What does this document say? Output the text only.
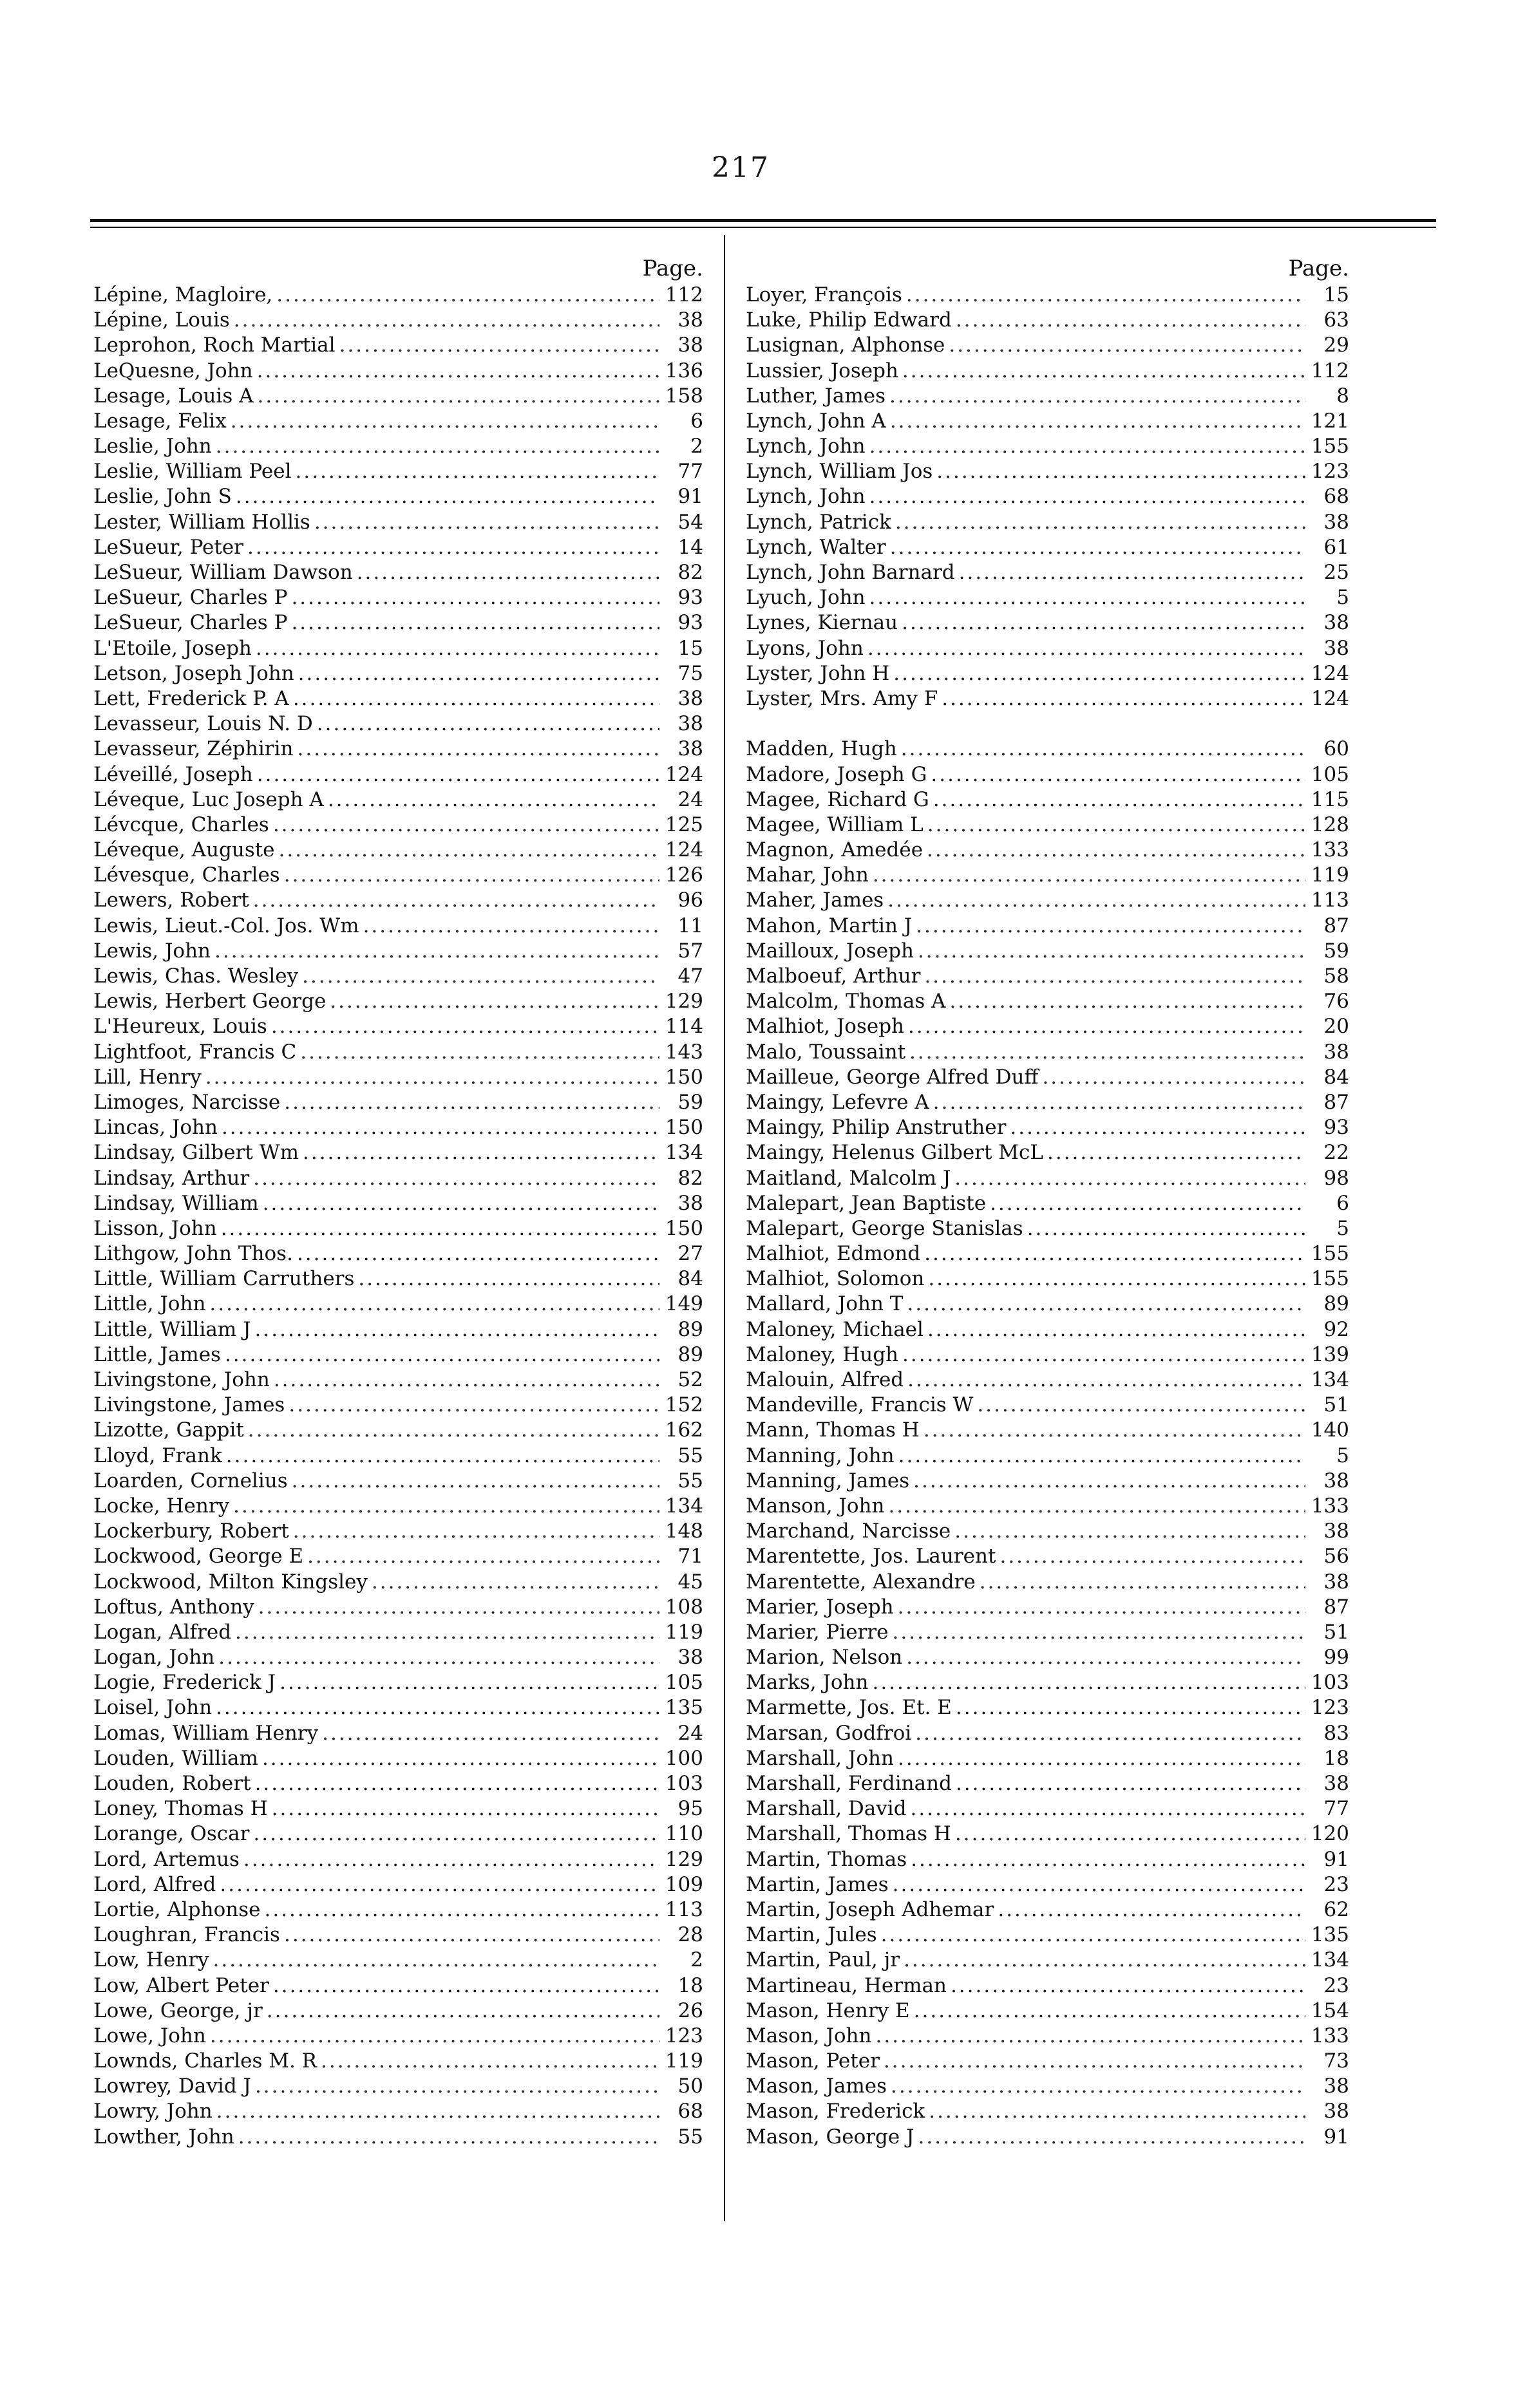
217
Page.
Lépine, Magloire, .....	112
Lépine, Louis .....	38
Leprohon, Roch Martial .....	38
LeQuesne, John .....	136
Lesage, Louis A .....	158
Lesage, Felix .....	6
Leslie, John .....	2
Leslie, William Peel .....	77
Leslie, John S .....	91
Lester, William Hollis .....	54
LeSueur, Peter .....	14
LeSueur, William Dawson .....	82
LeSueur, Charles P .....	93
LeSueur, Charles P .....	93
L'Etoile, Joseph .....	15
Letson, Joseph John .....	75
Lett, Frederick P. A .....	38
Levasseur, Louis N. D .....	38
Levasseur, Zéphirin .....	38
Léveillé, Joseph .....	124
Léveque, Luc Joseph A .....	24
Lévcque, Charles .....	125
Léveque, Auguste .....	124
Lévesque, Charles .....	126
Lewers, Robert .....	96
Lewis, Lieut.-Col. Jos. Wm .....	11
Lewis, John .....	57
Lewis, Chas. Wesley .....	47
Lewis, Herbert George .....	129
L'Heureux, Louis .....	114
Lightfoot, Francis C .....	143
Lill, Henry .....	150
Limoges, Narcisse .....	59
Lincas, John .....	150
Lindsay, Gilbert Wm .....	134
Lindsay, Arthur .....	82
Lindsay, William .....	38
Lisson, John .....	150
Lithgow, John Thos. .....	27
Little, William Carruthers .....	84
Little, John .....	149
Little, William J .....	89
Little, James .....	89
Livingstone, John .....	52
Livingstone, James .....	152
Lizotte, Gappit .....	162
Lloyd, Frank .....	55
Loarden, Cornelius .....	55
Locke, Henry .....	134
Lockerbury, Robert .....	148
Lockwood, George E .....	71
Lockwood, Milton Kingsley .....	45
Loftus, Anthony .....	108
Logan, Alfred .....	119
Logan, John .....	38
Logie, Frederick J .....	105
Loisel, John .....	135
Lomas, William Henry .....	24
Louden, William .....	100
Louden, Robert .....	103
Loney, Thomas H .....	95
Lorange, Oscar .....	110
Lord, Artemus .....	129
Lord, Alfred .....	109
Lortie, Alphonse .....	113
Loughran, Francis .....	28
Low, Henry .....	2
Low, Albert Peter .....	18
Lowe, George, jr .....	26
Lowe, John .....	123
Lownds, Charles M. R .....	119
Lowrey, David J .....	50
Lowry, John .....	68
Lowther, John .....	55
Page.
Loyer, François .....	15
Luke, Philip Edward .....	63
Lusignan, Alphonse .....	29
Lussier, Joseph .....	112
Luther, James .....	8
Lynch, John A .....	121
Lynch, John .....	155
Lynch, William Jos .....	123
Lynch, John .....	68
Lynch, Patrick .....	38
Lynch, Walter .....	61
Lynch, John Barnard .....	25
Lyuch, John .....	5
Lynes, Kiernau .....	38
Lyons, John .....	38
Lyster, John H .....	124
Lyster, Mrs. Amy F .....	124
Madden, Hugh .....	60
Madore, Joseph G .....	105
Magee, Richard G .....	115
Magee, William L .....	128
Magnon, Amedée .....	133
Mahar, John .....	119
Maher, James .....	113
Mahon, Martin J .....	87
Mailloux, Joseph .....	59
Malboeuf, Arthur .....	58
Malcolm, Thomas A .....	76
Malhiot, Joseph .....	20
Malo, Toussaint .....	38
Mailleue, George Alfred Duff .....	84
Maingy, Lefevre A .....	87
Maingy, Philip Anstruther .....	93
Maingy, Helenus Gilbert McL .....	22
Maitland, Malcolm J .....	98
Malepart, Jean Baptiste .....	6
Malepart, George Stanislas .....	5
Malhiot, Edmond .....	155
Malhiot, Solomon .....	155
Mallard, John T .....	89
Maloney, Michael .....	92
Maloney, Hugh .....	139
Malouin, Alfred .....	134
Mandeville, Francis W .....	51
Mann, Thomas H .....	140
Manning, John .....	5
Manning, James .....	38
Manson, John .....	133
Marchand, Narcisse .....	38
Marentette, Jos. Laurent .....	56
Marentette, Alexandre .....	38
Marier, Joseph .....	87
Marier, Pierre .....	51
Marion, Nelson .....	99
Marks, John .....	103
Marmette, Jos. Et. E .....	123
Marsan, Godfroi .....	83
Marshall, John .....	18
Marshall, Ferdinand .....	38
Marshall, David .....	77
Marshall, Thomas H .....	120
Martin, Thomas .....	91
Martin, James .....	23
Martin, Joseph Adhemar .....	62
Martin, Jules .....	135
Martin, Paul, jr .....	134
Martineau, Herman .....	23
Mason, Henry E .....	154
Mason, John .....	133
Mason, Peter .....	73
Mason, James .....	38
Mason, Frederick .....	38
Mason, George J .....	91
